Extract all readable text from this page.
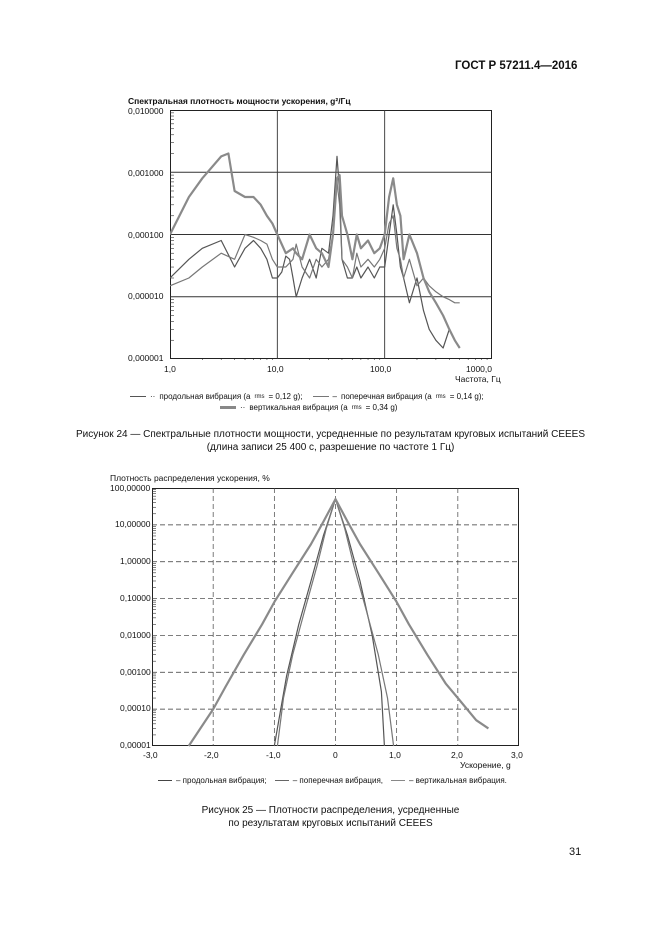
ГОСТ Р 57211.4—2016
Спектральная плотность мощности ускорения, g²/Гц
0,010000
0,001000
0,000100
0,000010
0,000001
1,0	10,0	100,0	1000,0
Частота, Гц
·· продольная вибрация (a rms = 0,12 g);	– поперечная вибрация (a rms = 0,14 g);
·· вертикальная вибрация (a rms = 0,34 g)
Рисунок 24 — Спектральные плотности мощности, усредненные по результатам круговых испытаний CEEES
(длина записи 25 400 с, разрешение по частоте 1 Гц)
Плотность распределения ускорения, %
100,00000
10,00000
1,00000
0,10000
0,01000
0,00100
0,00010
0,00001
-3,0	-2,0	-1,0	0	1,0	2,0	3,0
Ускорение, g
– продольная вибрация;	– поперечная вибрация,	– вертикальная вибрация.
Рисунок 25 — Плотности распределения, усредненные
по результатам круговых испытаний CEEES
31
